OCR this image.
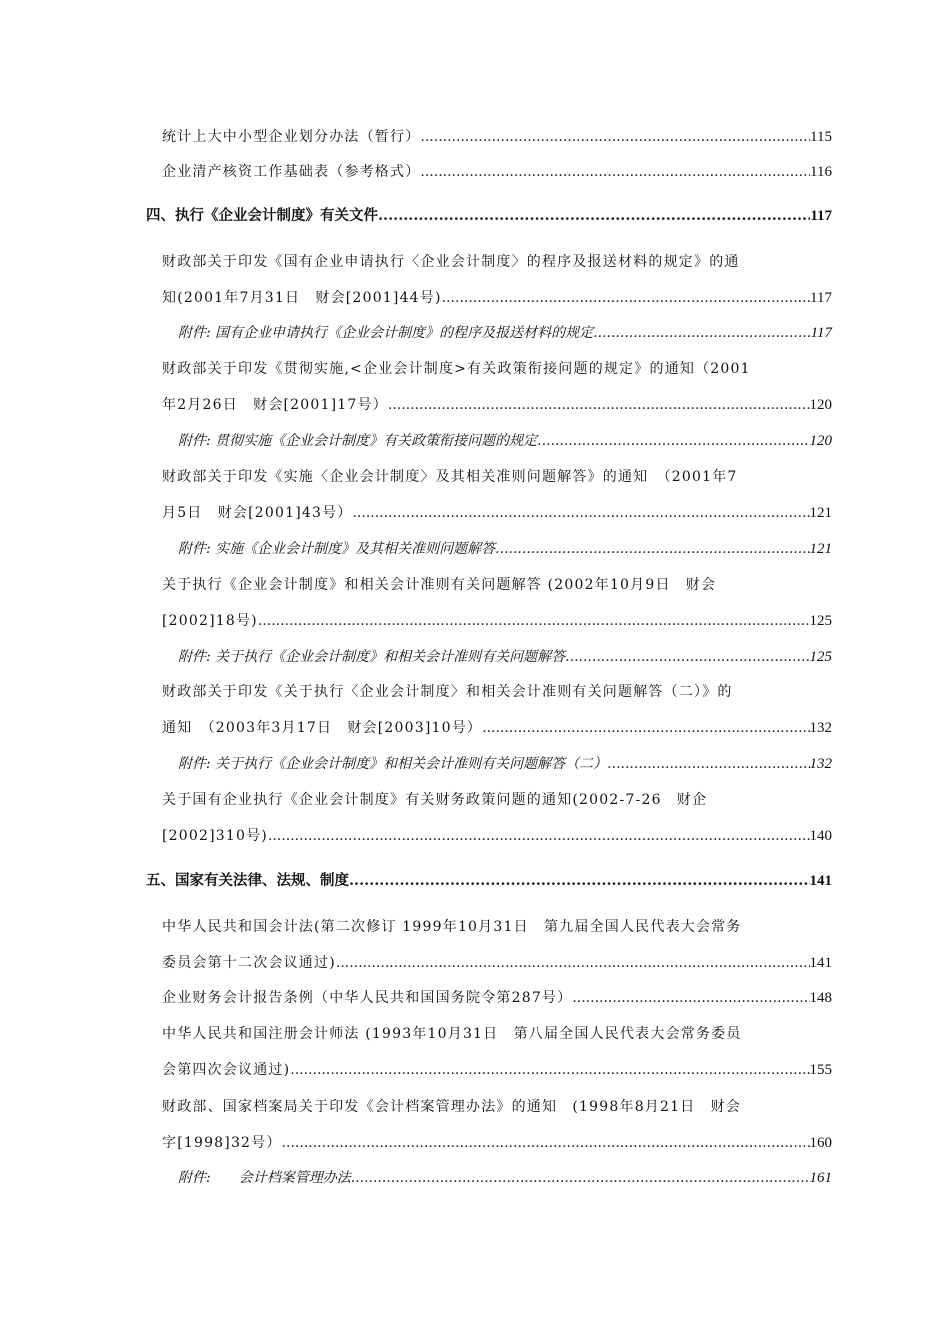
统计上大中小型企业划分办法（暂行） .....	115
企业清产核资工作基础表（参考格式） .....	116
四、执行《企业会计制度》有关文件 .....	117
财政部关于印发《国有企业申请执行〈企业会计制度〉的程序及报送材料的规定》的通
知(2001年7月31日　财会[2001]44号) .....	117
附件: 国有企业申请执行《企业会计制度》的程序及报送材料的规定 .....	117
财政部关于印发《贯彻实施,<企业会计制度>有关政策衔接问题的规定》的通知（2001
年2月26日　财会[2001]17号） .....	120
附件: 贯彻实施《企业会计制度》有关政策衔接问题的规定 .....	120
财政部关于印发《实施〈企业会计制度〉及其相关准则问题解答》的通知　（2001年7
月5日　财会[2001]43号） .....	121
附件: 实施《企业会计制度》及其相关准则问题解答 .....	121
关于执行《企业会计制度》和相关会计准则有关问题解答 (2002年10月9日　财会
[2002]18号) .....	125
附件: 关于执行《企业会计制度》和相关会计准则有关问题解答 .....	125
财政部关于印发《关于执行〈企业会计制度〉和相关会计准则有关问题解答（二）》的
通知　（2003年3月17日　财会[2003]10号） .....	132
附件: 关于执行《企业会计制度》和相关会计准则有关问题解答（二） .....	132
关于国有企业执行《企业会计制度》有关财务政策问题的通知(2002-7-26　财企
[2002]310号) .....	140
五、国家有关法律、法规、制度 .....	141
中华人民共和国会计法(第二次修订 1999年10月31日　第九届全国人民代表大会常务
委员会第十二次会议通过) .....	141
企业财务会计报告条例（中华人民共和国国务院令第287号） .....	148
中华人民共和国注册会计师法 (1993年10月31日　第八届全国人民代表大会常务委员
会第四次会议通过) .....	155
财政部、国家档案局关于印发《会计档案管理办法》的通知　(1998年8月21日　财会
字[1998]32号） .....	160
附件:　　会计档案管理办法 .....	161
